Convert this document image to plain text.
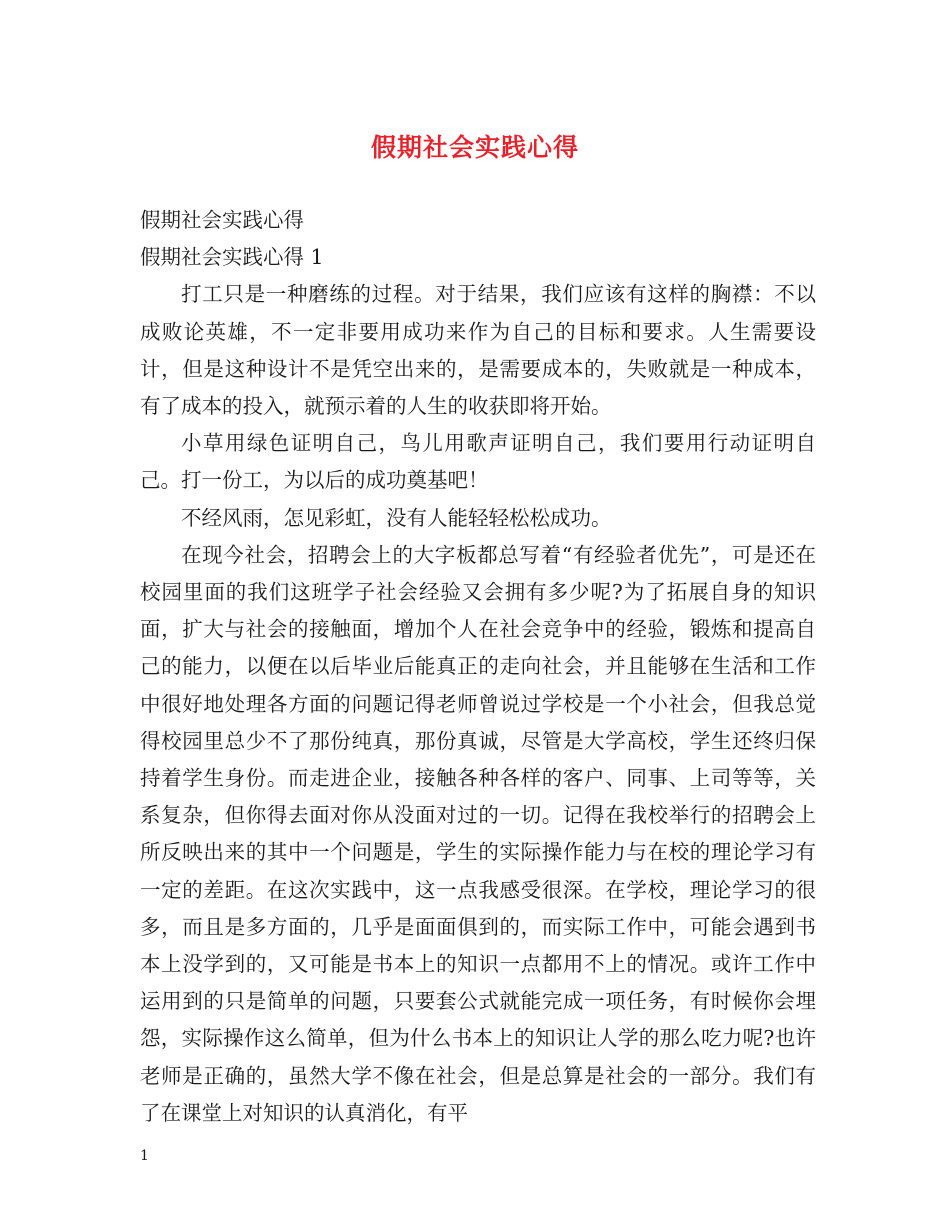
假期社会实践心得

假期社会实践心得

假期社会实践心得 1

打工只是一种磨练的过程。对于结果，我们应该有这样的胸襟：不以成败论英雄，不一定非要用成功来作为自己的目标和要求。人生需要设计，但是这种设计不是凭空出来的，是需要成本的，失败就是一种成本，有了成本的投入，就预示着的人生的收获即将开始。

小草用绿色证明自己，鸟儿用歌声证明自己，我们要用行动证明自己。打一份工，为以后的成功奠基吧！

不经风雨，怎见彩虹，没有人能轻轻松松成功。

在现今社会，招聘会上的大字板都总写着“有经验者优先”，可是还在校园里面的我们这班学子社会经验又会拥有多少呢?为了拓展自身的知识面，扩大与社会的接触面，增加个人在社会竞争中的经验，锻炼和提高自己的能力，以便在以后毕业后能真正的走向社会，并且能够在生活和工作中很好地处理各方面的问题记得老师曾说过学校是一个小社会，但我总觉得校园里总少不了那份纯真，那份真诚，尽管是大学高校，学生还终归保持着学生身份。而走进企业，接触各种各样的客户、同事、上司等等，关系复杂，但你得去面对你从没面对过的一切。记得在我校举行的招聘会上所反映出来的其中一个问题是，学生的实际操作能力与在校的理论学习有一定的差距。在这次实践中，这一点我感受很深。在学校，理论学习的很多，而且是多方面的，几乎是面面俱到的，而实际工作中，可能会遇到书本上没学到的，又可能是书本上的知识一点都用不上的情况。或许工作中运用到的只是简单的问题，只要套公式就能完成一项任务，有时候你会埋怨，实际操作这么简单，但为什么书本上的知识让人学的那么吃力呢?也许老师是正确的，虽然大学不像在社会，但是总算是社会的一部分。我们有了在课堂上对知识的认真消化，有平

1
